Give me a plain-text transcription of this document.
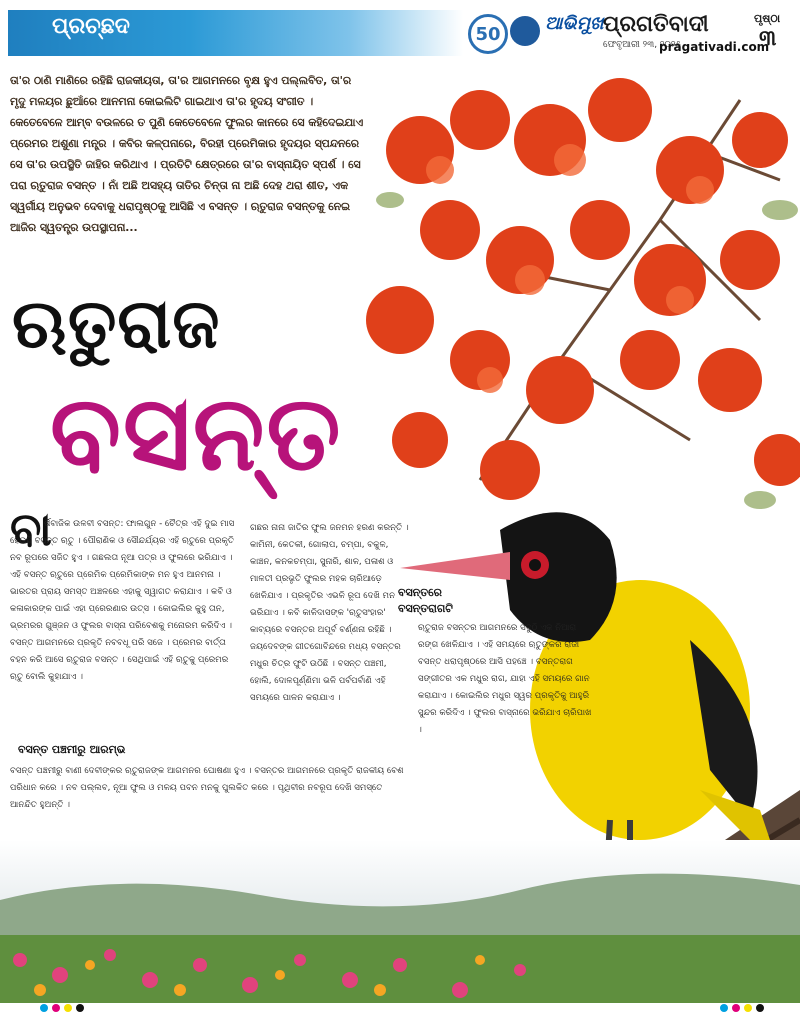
ପ୍ରଚ୍ଛଦ	50	ଆଭିମୁଖ ପ୍ରଗତିବାଦୀ
ଫେବୃଆରୀ ୨୩, ୨୦୨୫
pragativadi.com
ପୃଷ୍ଠା
୩
ତା'ର ଠାଣି ମାଣିରେ ରହିଛି ରାଜକୀୟତା, ତା'ର ଆଗମନରେ ବୃକ୍ଷ ହୁଏ ପଲ୍ଲବିତ, ତା'ର ମୃଦୁ ମଳୟର ଛୁଆଁରେ ଆନମନା କୋଇଲିଟି ଗାଇଥାଏ ତା'ର ହୃଦୟ ସଂଗୀତ । କେତେବେଳେ ଆମ୍ବ ବଉଳରେ ତ ପୁଣି କେତେବେଳେ ଫୁଲର କାନରେ ସେ କହିଦେଇଯାଏ ପ୍ରେମର ଅଶୁଣା ମନ୍ତ୍ର । କବିର କଳ୍ପନାରେ, ବିରହୀ ପ୍ରେମିକାର ହୃଦୟର ସ୍ପନ୍ଦନରେ ସେ ତା'ର ଉପସ୍ଥିତି ଜାହିର କରିଥାଏ । ପ୍ରତିଟି କ୍ଷେତ୍ରରେ ତା'ର ବାସ୍ନାୟିତ ସ୍ପର୍ଶ । ସେ ପରା ଋତୁରାଜ ବସନ୍ତ । ନାଁ ଅଛି ଅସହ୍ୟ ତାତିର ଚିନ୍ତା ନା ଅଛି ଦେହ ଥରା ଶୀତ, ଏକ ସ୍ୱର୍ଗୀୟ ଅନୁଭବ ଦେବାକୁ ଧରାପୃଷ୍ଠକୁ ଆସିଛି ଏ ବସନ୍ତ । ଋତୁରାଜ ବସନ୍ତକୁ ନେଇ ଆଜିର ସ୍ୱତନ୍ତ୍ର ଉପସ୍ଥାପନା...
ଋତୁରାଜ
ବସନ୍ତ
ବା
ର୍ଷିବାଜିକ ଉଳବୀ ବସନ୍ତ: ଫାଲଗୁନ - ଚୈତ୍ର ଏହି ଦୁଇ ମାସ ହେଉଛି ବସନ୍ତ ଋତୁ । ପୌରାଣିକ ଓ ସୌନ୍ଦର୍ଯ୍ୟର ଏହି ଋତୁରେ ପ୍ରକୃତି ନବ ରୂପରେ ସଜିତ ହୁଏ । ଗଛଲତା ନୂଆ ପତ୍ର ଓ ଫୁଲରେ ଭରିଯାଏ । ଏହି ବସନ୍ତ ଋତୁରେ ପ୍ରେମିକ ପ୍ରେମିକାଙ୍କ ମନ ହୁଏ ଆନମନା । ଭାରତର ପ୍ରାୟ ସମସ୍ତ ଅଞ୍ଚଳରେ ଏହାକୁ ସ୍ୱାଗତ କରାଯାଏ । କବି ଓ କଳାକାରଙ୍କ ପାଇଁ ଏହା ପ୍ରେରଣାର ଉତ୍ସ । କୋଇଲିର କୁହୁ ତାନ, ଭ୍ରମରର ଗୁଞ୍ଜନ ଓ ଫୁଲର ବାସ୍ନା ପରିବେଶକୁ ମନୋରମ କରିଦିଏ । ବସନ୍ତ ଆଗମନରେ ପ୍ରକୃତି ନବବଧୂ ପରି ସଜେ । ପ୍ରେମର ବାର୍ତ୍ତା ବହନ କରି ଆସେ ଋତୁରାଜ ବସନ୍ତ । ସେଥିପାଇଁ ଏହି ଋତୁକୁ ପ୍ରେମର ଋତୁ ବୋଲି କୁହାଯାଏ ।
ଗଛର ନାନା ଜାତିର ଫୁଲ ଜନମନ ହରଣ କରନ୍ତି । କାମିନୀ, କେତକୀ, ଗୋଲାପ, ଚମ୍ପା, ବକୁଳ, କାଞ୍ଚନ, କନକଚମ୍ପା, ସୁନାରି, ଶାଳ, ପଳାଶ ଓ ମାଳତୀ ପ୍ରଭୃତି ଫୁଲର ମହକ ଚାରିଆଡ଼େ ଖେଳିଯାଏ । ପ୍ରକୃତିର ଏଭଳି ରୂପ ଦେଖି ମନ ଭରିଯାଏ । କବି କାଳିଦାସଙ୍କ 'ଋତୁସଂହାର' କାବ୍ୟରେ ବସନ୍ତର ଅପୂର୍ବ ବର୍ଣ୍ଣନା ରହିଛି । ଜୟଦେବଙ୍କ ଗୀତଗୋବିନ୍ଦରେ ମଧ୍ୟ ବସନ୍ତର ମଧୁର ଚିତ୍ର ଫୁଟି ଉଠିଛି । ବସନ୍ତ ପଞ୍ଚମୀ, ହୋଲି, ଦୋଳପୂର୍ଣ୍ଣିମା ଭଳି ପର୍ବପର୍ବାଣି ଏହି ସମୟରେ ପାଳନ କରାଯାଏ ।
ବସନ୍ତରେ
ବସନ୍ତରାଗଟି
ଋତୁରାଜ ବସନ୍ତର ଆଗମନରେ ସବୁଠି ଏକ ନିଆରା ରଙ୍ଗ ଖେଳିଯାଏ । ଏହି ସମୟରେ ଋତୁଙ୍କର ରାଜା ବସନ୍ତ ଧରାପୃଷ୍ଠରେ ଆସି ପହଞ୍ଚେ । ବସନ୍ତରାଗ ସଙ୍ଗୀତର ଏକ ମଧୁର ରାଗ, ଯାହା ଏହି ସମୟରେ ଗାନ କରାଯାଏ । କୋଇଲିର ମଧୁର ସ୍ୱର ପ୍ରକୃତିକୁ ଆହୁରି ସୁନ୍ଦର କରିଦିଏ । ଫୁଲର ବାସ୍ନାରେ ଭରିଯାଏ ଚାରିପାଖ ।
ବସନ୍ତ ପଞ୍ଚମୀରୁ ଆରମ୍ଭ
ବସନ୍ତ ପଞ୍ଚମୀରୁ ବାଣୀ ଦେବୀଙ୍କର ଋତୁରାଜଙ୍କ ଆଗମନର ଘୋଷଣା ହୁଏ । ବସନ୍ତର ଆଗମନରେ ପ୍ରକୃତି ରାଜକୀୟ ବେଶ ପରିଧାନ କରେ । ନବ ପଲ୍ଲବ, ନୂଆ ଫୁଲ ଓ ମଳୟ ପବନ ମନକୁ ପୁଲକିତ କରେ । ପୃଥିବୀର ନବରୂପ ଦେଖି ସମସ୍ତେ ଆନନ୍ଦିତ ହୁଅନ୍ତି ।
